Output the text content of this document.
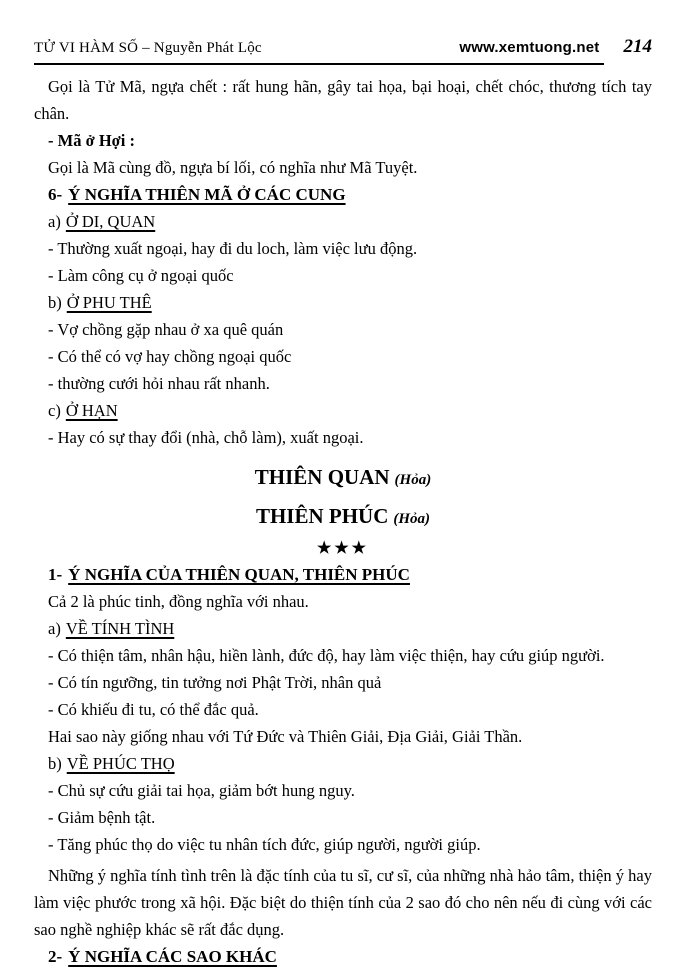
TỬ VI HÀM SỐ – Nguyễn Phát Lộc	www.xemtuong.net 214

Gọi là Tử Mã, ngựa chết : rất hung hãn, gây tai họa, bại hoại, chết chóc, thương tích tay chân.

- Mã ở Hợi :

Gọi là Mã cùng đồ, ngựa bí lối, có nghĩa như Mã Tuyệt.

6- Ý NGHĨA THIÊN MÃ Ở CÁC CUNG

a) Ở DI, QUAN

- Thường xuất ngoại, hay đi du loch, làm việc lưu động.

- Làm công cụ ở ngoại quốc

b) Ở PHU THÊ

- Vợ chồng gặp nhau ở xa quê quán

- Có thể có vợ hay chồng ngoại quốc

- thường cưới hỏi nhau rất nhanh.

c) Ở HẠN

- Hay có sự thay đổi (nhà, chỗ làm), xuất ngoại.

THIÊN QUAN (Hỏa)

THIÊN PHÚC (Hỏa)

★★★

1- Ý NGHĨA CỦA THIÊN QUAN, THIÊN PHÚC

Cả 2 là phúc tinh, đồng nghĩa với nhau.

a) VỀ TÍNH TÌNH

- Có thiện tâm, nhân hậu, hiền lành, đức độ, hay làm việc thiện, hay cứu giúp người.

- Có tín ngưỡng, tin tưởng nơi Phật Trời, nhân quả

- Có khiếu đi tu, có thể đắc quả.

Hai sao này giống nhau với Tứ Đức và Thiên Giải, Địa Giải, Giải Thần.

b) VỀ PHÚC THỌ

- Chủ sự cứu giải tai họa, giảm bớt hung nguy.

- Giảm bệnh tật.

- Tăng phúc thọ do việc tu nhân tích đức, giúp người, người giúp.

Những ý nghĩa tính tình trên là đặc tính của tu sĩ, cư sĩ, của những nhà hảo tâm, thiện ý hay làm việc phước trong xã hội. Đặc biệt do thiện tính của 2 sao đó cho nên nếu đi cùng với các sao nghề nghiệp khác sẽ rất đắc dụng.

2- Ý NGHĨA CÁC SAO KHÁC
